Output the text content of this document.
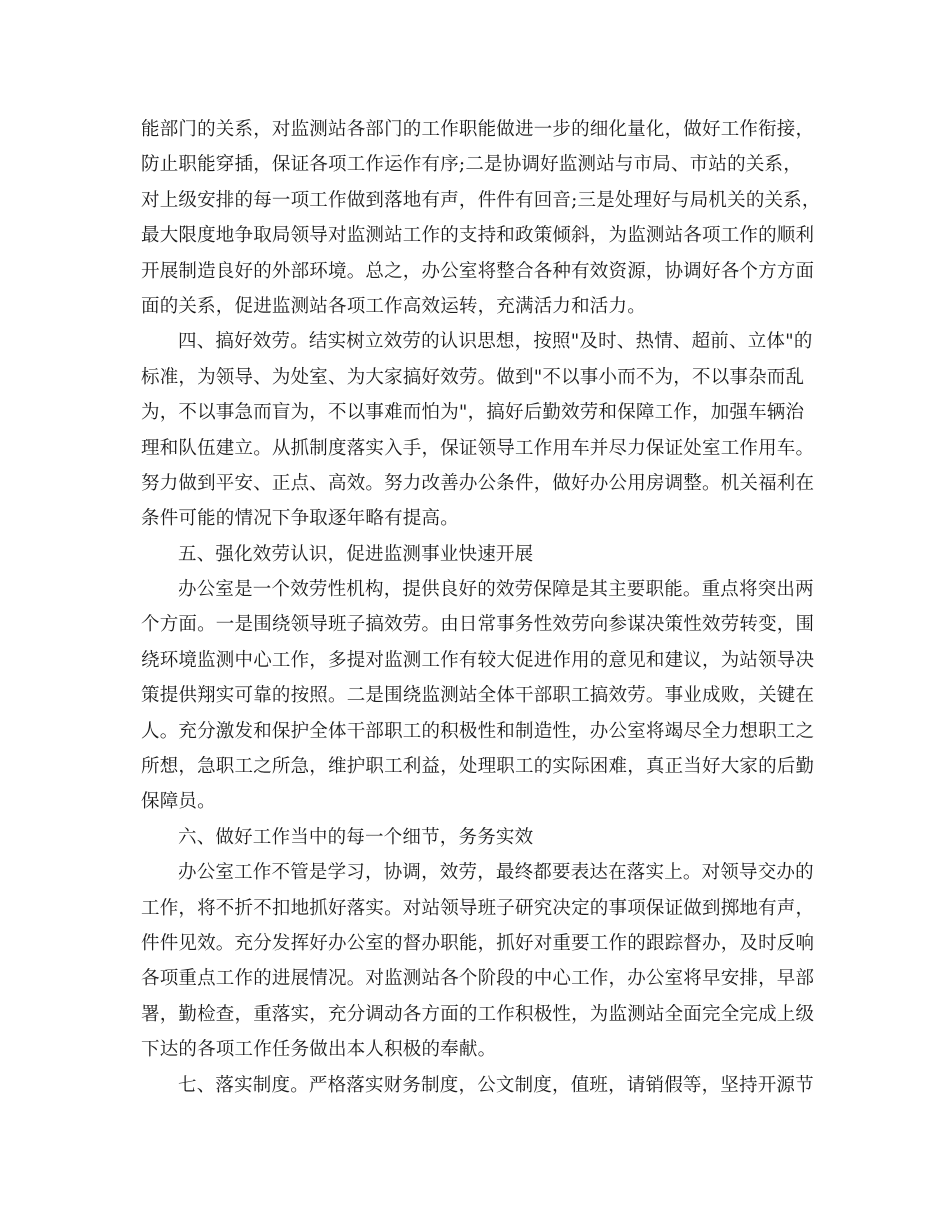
能部门的关系，对监测站各部门的工作职能做进一步的细化量化，做好工作衔接，
防止职能穿插，保证各项工作运作有序;二是协调好监测站与市局、市站的关系，
对上级安排的每一项工作做到落地有声，件件有回音;三是处理好与局机关的关系，
最大限度地争取局领导对监测站工作的支持和政策倾斜，为监测站各项工作的顺利
开展制造良好的外部环境。总之，办公室将整合各种有效资源，协调好各个方方面
面的关系，促进监测站各项工作高效运转，充满活力和活力。
四、搞好效劳。结实树立效劳的认识思想，按照"及时、热情、超前、立体"的
标准，为领导、为处室、为大家搞好效劳。做到"不以事小而不为，不以事杂而乱
为，不以事急而盲为，不以事难而怕为"，搞好后勤效劳和保障工作，加强车辆治
理和队伍建立。从抓制度落实入手，保证领导工作用车并尽力保证处室工作用车。
努力做到平安、正点、高效。努力改善办公条件，做好办公用房调整。机关福利在
条件可能的情况下争取逐年略有提高。
五、强化效劳认识，促进监测事业快速开展
办公室是一个效劳性机构，提供良好的效劳保障是其主要职能。重点将突出两
个方面。一是围绕领导班子搞效劳。由日常事务性效劳向参谋决策性效劳转变，围
绕环境监测中心工作，多提对监测工作有较大促进作用的意见和建议，为站领导决
策提供翔实可靠的按照。二是围绕监测站全体干部职工搞效劳。事业成败，关键在
人。充分激发和保护全体干部职工的积极性和制造性，办公室将竭尽全力想职工之
所想，急职工之所急，维护职工利益，处理职工的实际困难，真正当好大家的后勤
保障员。
六、做好工作当中的每一个细节，务务实效
办公室工作不管是学习，协调，效劳，最终都要表达在落实上。对领导交办的
工作，将不折不扣地抓好落实。对站领导班子研究决定的事项保证做到掷地有声，
件件见效。充分发挥好办公室的督办职能，抓好对重要工作的跟踪督办，及时反响
各项重点工作的进展情况。对监测站各个阶段的中心工作，办公室将早安排，早部
署，勤检查，重落实，充分调动各方面的工作积极性，为监测站全面完全完成上级
下达的各项工作任务做出本人积极的奉献。
七、落实制度。严格落实财务制度，公文制度，值班，请销假等，坚持开源节
